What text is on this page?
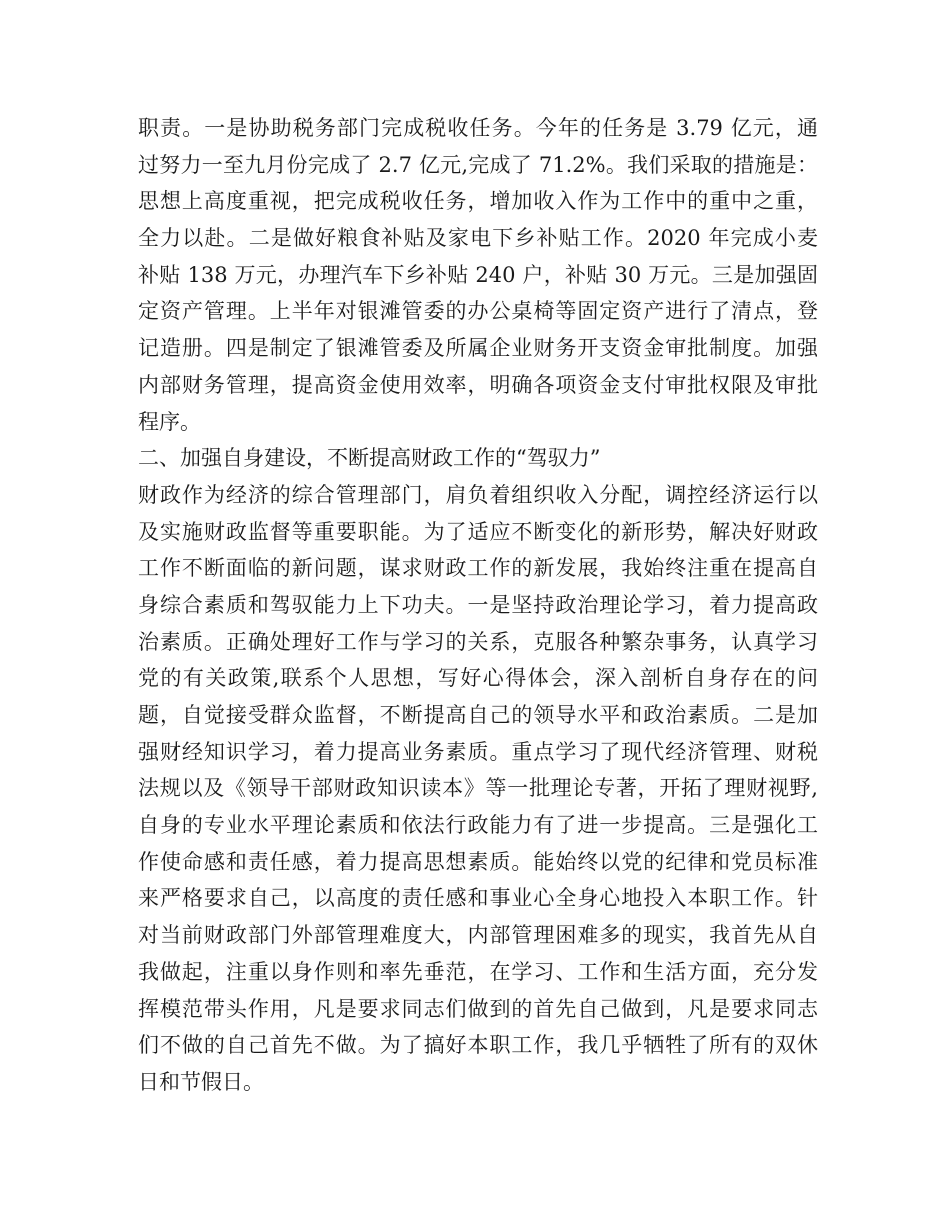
职责。一是协助税务部门完成税收任务。今年的任务是 3.79 亿元，通
过努力一至九月份完成了 2.7 亿元,完成了 71.2%。我们采取的措施是：
思想上高度重视，把完成税收任务，增加收入作为工作中的重中之重，
全力以赴。二是做好粮食补贴及家电下乡补贴工作。2020 年完成小麦
补贴 138 万元，办理汽车下乡补贴 240 户，补贴 30 万元。三是加强固
定资产管理。上半年对银滩管委的办公桌椅等固定资产进行了清点，登
记造册。四是制定了银滩管委及所属企业财务开支资金审批制度。加强
内部财务管理，提高资金使用效率，明确各项资金支付审批权限及审批
程序。
二、加强自身建设，不断提高财政工作的“驾驭力”
财政作为经济的综合管理部门，肩负着组织收入分配，调控经济运行以
及实施财政监督等重要职能。为了适应不断变化的新形势，解决好财政
工作不断面临的新问题，谋求财政工作的新发展，我始终注重在提高自
身综合素质和驾驭能力上下功夫。一是坚持政治理论学习，着力提高政
治素质。正确处理好工作与学习的关系，克服各种繁杂事务，认真学习
党的有关政策,联系个人思想，写好心得体会，深入剖析自身存在的问
题，自觉接受群众监督，不断提高自己的领导水平和政治素质。二是加
强财经知识学习，着力提高业务素质。重点学习了现代经济管理、财税
法规以及《领导干部财政知识读本》等一批理论专著，开拓了理财视野,
自身的专业水平理论素质和依法行政能力有了进一步提高。三是强化工
作使命感和责任感，着力提高思想素质。能始终以党的纪律和党员标准
来严格要求自己，以高度的责任感和事业心全身心地投入本职工作。针
对当前财政部门外部管理难度大，内部管理困难多的现实，我首先从自
我做起，注重以身作则和率先垂范，在学习、工作和生活方面，充分发
挥模范带头作用，凡是要求同志们做到的首先自己做到，凡是要求同志
们不做的自己首先不做。为了搞好本职工作，我几乎牺牲了所有的双休
日和节假日。
